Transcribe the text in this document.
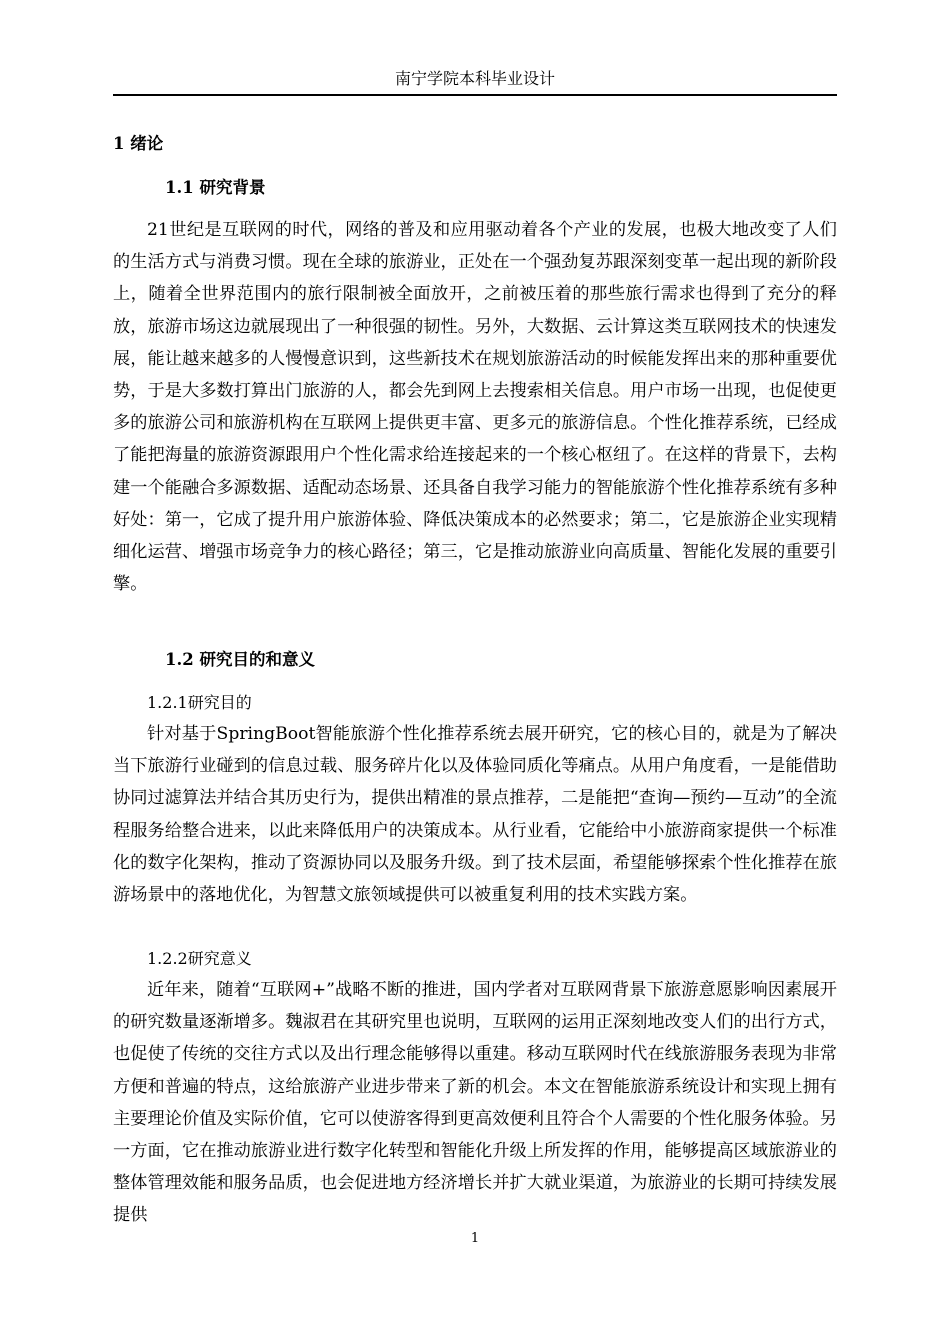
南宁学院本科毕业设计
1 绪论
1.1 研究背景

21世纪是互联网的时代，网络的普及和应用驱动着各个产业的发展，也极大地改变了人们的生活方式与消费习惯。现在全球的旅游业，正处在一个强劲复苏跟深刻变革一起出现的新阶段上，随着全世界范围内的旅行限制被全面放开，之前被压着的那些旅行需求也得到了充分的释放，旅游市场这边就展现出了一种很强的韧性。另外，大数据、云计算这类互联网技术的快速发展，能让越来越多的人慢慢意识到，这些新技术在规划旅游活动的时候能发挥出来的那种重要优势，于是大多数打算出门旅游的人，都会先到网上去搜索相关信息。用户市场一出现，也促使更多的旅游公司和旅游机构在互联网上提供更丰富、更多元的旅游信息。个性化推荐系统，已经成了能把海量的旅游资源跟用户个性化需求给连接起来的一个核心枢纽了。在这样的背景下，去构建一个能融合多源数据、适配动态场景、还具备自我学习能力的智能旅游个性化推荐系统有多种好处：第一，它成了提升用户旅游体验、降低决策成本的必然要求；第二，它是旅游企业实现精细化运营、增强市场竞争力的核心路径；第三，它是推动旅游业向高质量、智能化发展的重要引擎。

1.2 研究目的和意义
1.2.1研究目的

针对基于SpringBoot智能旅游个性化推荐系统去展开研究，它的核心目的，就是为了解决当下旅游行业碰到的信息过载、服务碎片化以及体验同质化等痛点。从用户角度看，一是能借助协同过滤算法并结合其历史行为，提供出精准的景点推荐，二是能把“查询—预约—互动”的全流程服务给整合进来，以此来降低用户的决策成本。从行业看，它能给中小旅游商家提供一个标准化的数字化架构，推动了资源协同以及服务升级。到了技术层面，希望能够探索个性化推荐在旅游场景中的落地优化，为智慧文旅领域提供可以被重复利用的技术实践方案。

1.2.2研究意义

近年来，随着“互联网+”战略不断的推进，国内学者对互联网背景下旅游意愿影响因素展开的研究数量逐渐增多。魏淑君在其研究里也说明，互联网的运用正深刻地改变人们的出行方式，也促使了传统的交往方式以及出行理念能够得以重建。移动互联网时代在线旅游服务表现为非常方便和普遍的特点，这给旅游产业进步带来了新的机会。本文在智能旅游系统设计和实现上拥有主要理论价值及实际价值，它可以使游客得到更高效便利且符合个人需要的个性化服务体验。另一方面，它在推动旅游业进行数字化转型和智能化升级上所发挥的作用，能够提高区域旅游业的整体管理效能和服务品质，也会促进地方经济增长并扩大就业渠道，为旅游业的长期可持续发展提供

1
